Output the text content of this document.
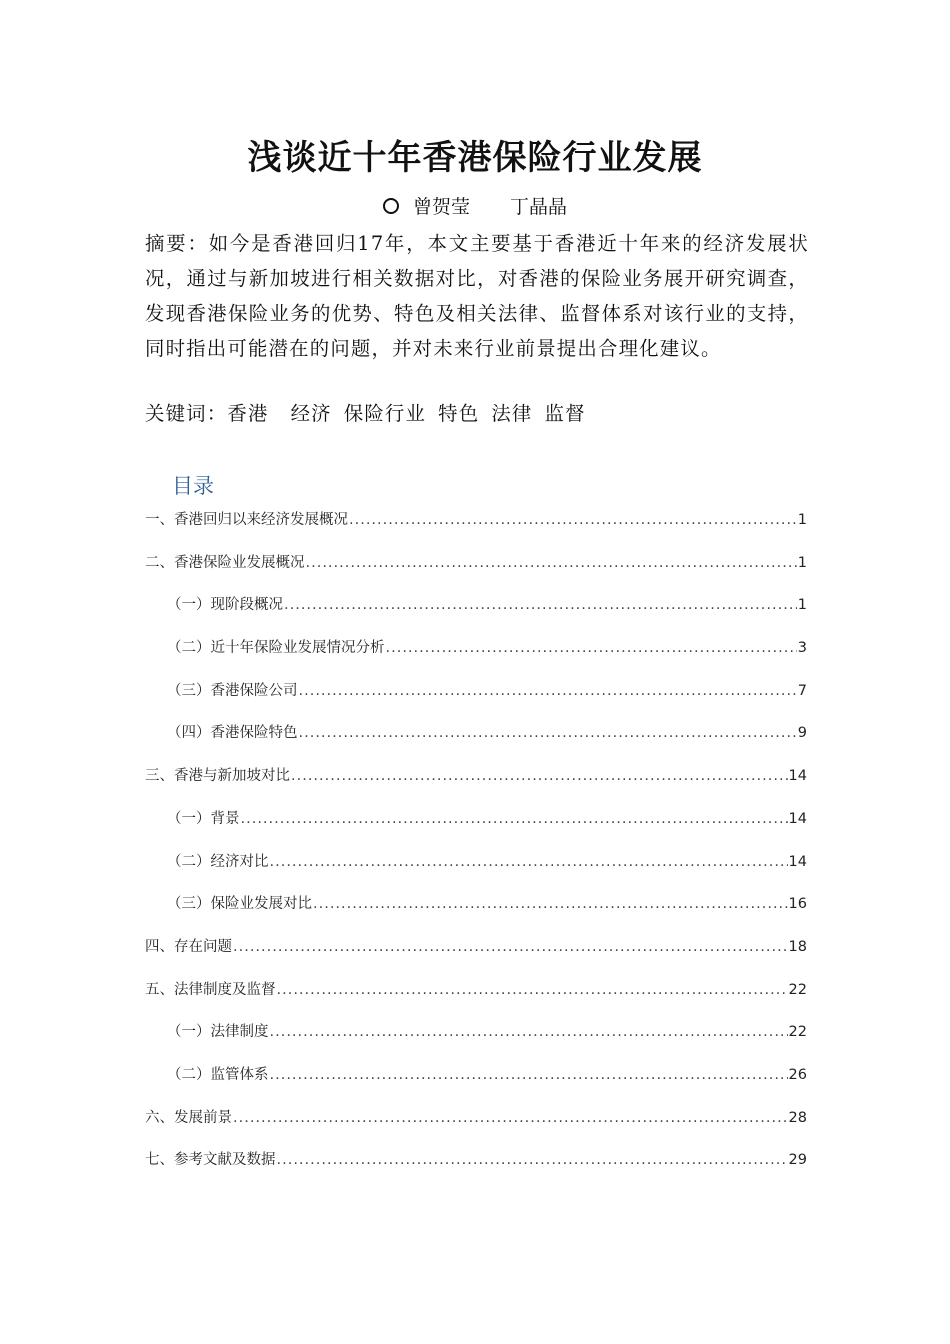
浅谈近十年香港保险行业发展
曾贺莹 丁晶晶
摘要：如今是香港回归17年，本文主要基于香港近十年来的经济发展状况，通过与新加坡进行相关数据对比，对香港的保险业务展开研究调查，发现香港保险业务的优势、特色及相关法律、监督体系对该行业的支持，同时指出可能潜在的问题，并对未来行业前景提出合理化建议。
关键词：香港 经济 保险行业 特色 法律 监督
目录
一、香港回归以来经济发展概况 .....	1
二、香港保险业发展概况 .....	1
（一）现阶段概况 .....	1
（二）近十年保险业发展情况分析 .....	3
（三）香港保险公司 .....	7
（四）香港保险特色 .....	9
三、香港与新加坡对比 .....	14
（一）背景 .....	14
（二）经济对比 .....	14
（三）保险业发展对比 .....	16
四、存在问题 .....	18
五、法律制度及监督 .....	22
（一）法律制度 .....	22
（二）监管体系 .....	26
六、发展前景 .....	28
七、参考文献及数据 .....	29
